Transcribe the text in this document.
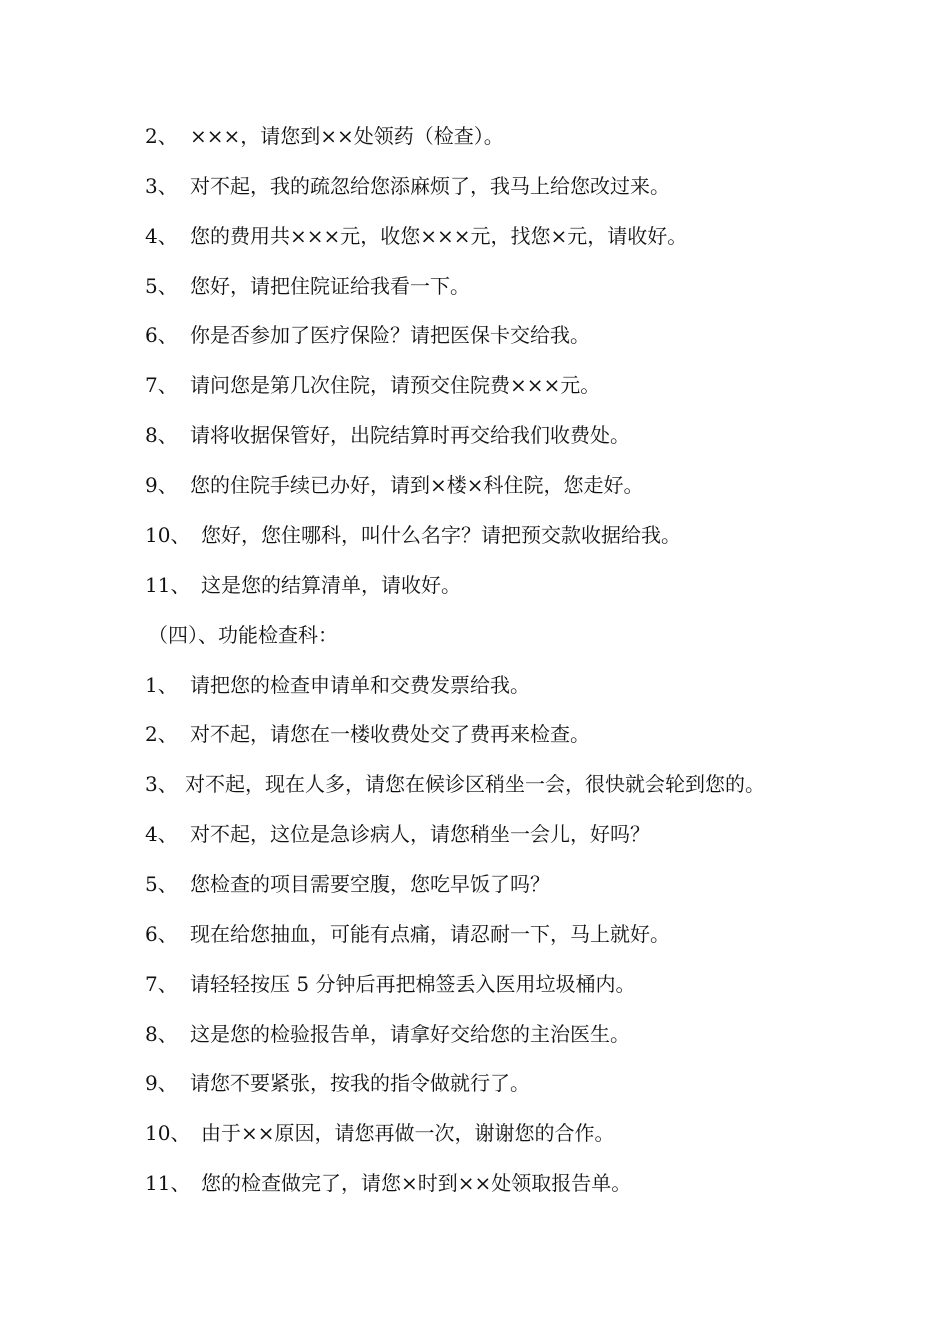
2、 ×××，请您到××处领药（检查）。
3、 对不起，我的疏忽给您添麻烦了，我马上给您改过来。
4、 您的费用共×××元，收您×××元，找您×元，请收好。
5、 您好，请把住院证给我看一下。
6、 你是否参加了医疗保险？请把医保卡交给我。
7、 请问您是第几次住院，请预交住院费×××元。
8、 请将收据保管好，出院结算时再交给我们收费处。
9、 您的住院手续已办好，请到×楼×科住院，您走好。
10、 您好，您住哪科，叫什么名字？请把预交款收据给我。
11、 这是您的结算清单，请收好。
（四）、功能检查科：
1、 请把您的检查申请单和交费发票给我。
2、 对不起，请您在一楼收费处交了费再来检查。
3、 对不起，现在人多，请您在候诊区稍坐一会，很快就会轮到您的。
4、 对不起，这位是急诊病人，请您稍坐一会儿，好吗？
5、 您检查的项目需要空腹，您吃早饭了吗？
6、 现在给您抽血，可能有点痛，请忍耐一下，马上就好。
7、 请轻轻按压 5 分钟后再把棉签丢入医用垃圾桶内。
8、 这是您的检验报告单，请拿好交给您的主治医生。
9、 请您不要紧张，按我的指令做就行了。
10、 由于××原因，请您再做一次，谢谢您的合作。
11、 您的检查做完了，请您×时到××处领取报告单。
